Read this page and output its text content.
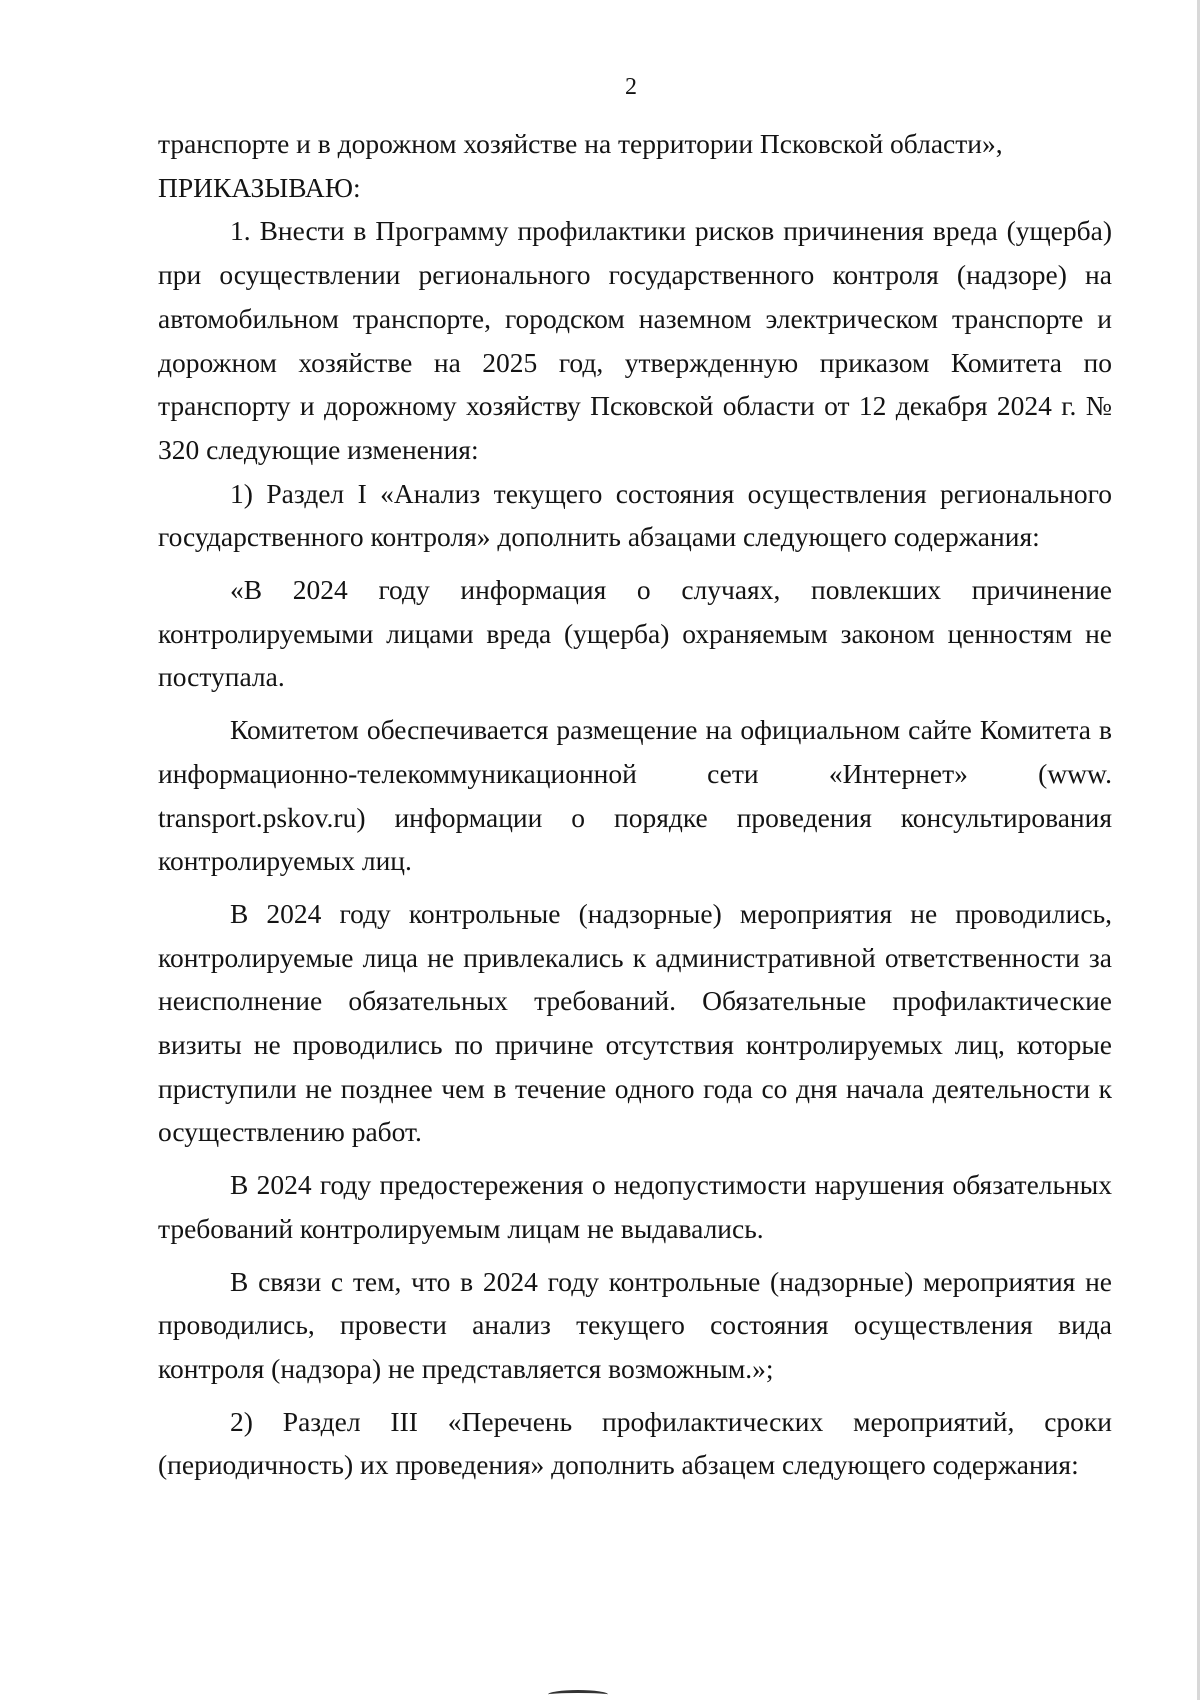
2

транспорте и в дорожном хозяйстве на территории Псковской области»,

ПРИКАЗЫВАЮ:

1. Внести в Программу профилактики рисков причинения вреда (ущерба) при осуществлении регионального государственного контроля (надзоре) на автомобильном транспорте, городском наземном электрическом транспорте и дорожном хозяйстве на 2025 год, утвержденную приказом Комитета по транспорту и дорожному хозяйству Псковской области от 12 декабря 2024 г. № 320 следующие изменения:

1) Раздел I «Анализ текущего состояния осуществления регионального государственного контроля» дополнить абзацами следующего содержания:

«В 2024 году информация о случаях, повлекших причинение контролируемыми лицами вреда (ущерба) охраняемым законом ценностям не поступала.

Комитетом обеспечивается размещение на официальном сайте Комитета в информационно-телекоммуникационной сети «Интернет» (www. transport.pskov.ru) информации о порядке проведения консультирования контролируемых лиц.

В 2024 году контрольные (надзорные) мероприятия не проводились, контролируемые лица не привлекались к административной ответственности за неисполнение обязательных требований. Обязательные профилактические визиты не проводились по причине отсутствия контролируемых лиц, которые приступили не позднее чем в течение одного года со дня начала деятельности к осуществлению работ.

В 2024 году предостережения о недопустимости нарушения обязательных требований контролируемым лицам не выдавались.

В связи с тем, что в 2024 году контрольные (надзорные) мероприятия не проводились, провести анализ текущего состояния осуществления вида контроля (надзора) не представляется возможным.»;

2) Раздел III «Перечень профилактических мероприятий, сроки (периодичность) их проведения» дополнить абзацем следующего содержания:
